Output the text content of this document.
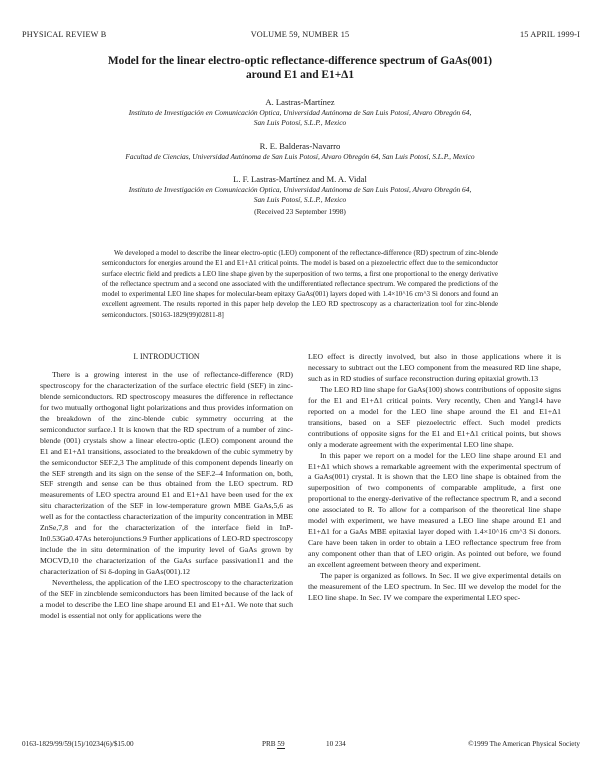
PHYSICAL REVIEW B	VOLUME 59, NUMBER 15	15 APRIL 1999-I
Model for the linear electro-optic reflectance-difference spectrum of GaAs(001)
around E1 and E1+Δ1
A. Lastras-Martínez
Instituto de Investigación en Comunicación Optica, Universidad Autónoma de San Luis Potosí, Alvaro Obregón 64,
San Luis Potosí, S.L.P., Mexico
R. E. Balderas-Navarro
Facultad de Ciencias, Universidad Autónoma de San Luis Potosí, Alvaro Obregón 64, San Luis Potosí, S.L.P., Mexico
L. F. Lastras-Martínez and M. A. Vidal
Instituto de Investigación en Comunicación Optica, Universidad Autónoma de San Luis Potosí, Alvaro Obregón 64,
San Luis Potosí, S.L.P., Mexico
(Received 23 September 1998)
We developed a model to describe the linear electro-optic (LEO) component of the reflectance-difference (RD) spectrum of zinc-blende semiconductors for energies around the E1 and E1+Δ1 critical points. The model is based on a piezoelectric effect due to the semiconductor surface electric field and predicts a LEO line shape given by the superposition of two terms, a first one proportional to the energy derivative of the reflectance spectrum and a second one associated with the undifferentiated reflectance spectrum. We compared the predictions of the model to experimental LEO line shapes for molecular-beam epitaxy GaAs(001) layers doped with 1.4×10^16 cm^3 Si donors and found an excellent agreement. The results reported in this paper help develop the LEO RD spectroscopy as a characterization tool for zinc-blende semiconductors. [S0163-1829(99)02811-8]
I. INTRODUCTION

There is a growing interest in the use of reflectance-difference (RD) spectroscopy for the characterization of the surface electric field (SEF) in zinc-blende semiconductors. RD spectroscopy measures the difference in reflectance for two mutually orthogonal light polarizations and thus provides information on the breakdown of the zinc-blende cubic symmetry occurring at the semiconductor surface.1 It is known that the RD spectrum of a number of zinc-blende (001) crystals show a linear electro-optic (LEO) component around the E1 and E1+Δ1 transitions, associated to the breakdown of the cubic symmetry by the semiconductor SEF.2,3 The amplitude of this component depends linearly on the SEF strength and its sign on the sense of the SEF.2–4 Information on, both, SEF strength and sense can be thus obtained from the LEO spectrum. RD measurements of LEO spectra around E1 and E1+Δ1 have been used for the ex situ characterization of the SEF in low-temperature grown MBE GaAs,5,6 as well as for the contactless characterization of the impurity concentration in MBE ZnSe,7,8 and for the characterization of the interface field in InP-In0.53Ga0.47As heterojunctions.9 Further applications of LEO-RD spectroscopy include the in situ determination of the impurity level of GaAs grown by MOCVD,10 the characterization of the GaAs surface passivation11 and the characterization of Si δ-doping in GaAs(001).12

Nevertheless, the application of the LEO spectroscopy to the characterization of the SEF in zincblende semiconductors has been limited because of the lack of a model to describe the LEO line shape around E1 and E1+Δ1. We note that such model is essential not only for applications were the

LEO effect is directly involved, but also in those applications where it is necessary to subtract out the LEO component from the measured RD line shape, such as in RD studies of surface reconstruction during epitaxial growth.13

The LEO RD line shape for GaAs(100) shows contributions of opposite signs for the E1 and E1+Δ1 critical points. Very recently, Chen and Yang14 have reported on a model for the LEO line shape around the E1 and E1+Δ1 transitions, based on a SEF piezoelectric effect. Such model predicts contributions of opposite signs for the E1 and E1+Δ1 critical points, but shows only a moderate agreement with the experimental LEO line shape.

In this paper we report on a model for the LEO line shape around E1 and E1+Δ1 which shows a remarkable agreement with the experimental spectrum of a GaAs(001) crystal. It is shown that the LEO line shape is obtained from the superposition of two components of comparable amplitude, a first one proportional to the energy-derivative of the reflectance spectrum R, and a second one associated to R. To allow for a comparison of the theoretical line shape model with experiment, we have measured a LEO line shape around E1 and E1+Δ1 for a GaAs MBE epitaxial layer doped with 1.4×10^16 cm^3 Si donors. Care have been taken in order to obtain a LEO reflectance spectrum free from any component other than that of LEO origin. As pointed out before, we found an excellent agreement between theory and experiment.

The paper is organized as follows. In Sec. II we give experimental details on the measurement of the LEO spectrum. In Sec. III we develop the model for the LEO line shape. In Sec. IV we compare the experimental LEO spec-

0163-1829/99/59(15)/10234(6)/$15.00	PRB 59	10 234	©1999 The American Physical Society
